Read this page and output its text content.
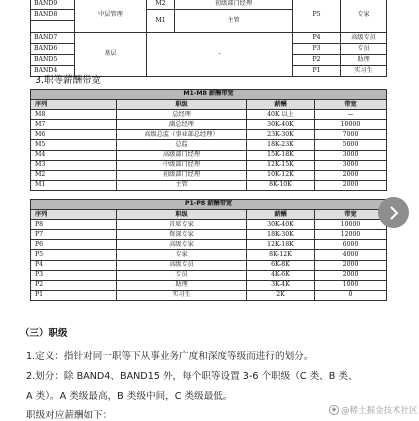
BAND9	中层管理	M2	初级部门经理	P5	专家
BAND8		M1	主管		

BAND7	基层	-		P4	高级专员
BAND6				P3	专员
BAND5				P2	助理
BAND4				P1	实习生
3.职等薪酬带宽
M1-M8 薪酬带宽			
序列	职级	薪酬	带宽
M8	总经理	40K 以上	—
M7	副总经理	30K-40K	10000
M6	高级总监（事业部总经理）	23K-30K	7000
M5	总监	18K-23K	5000
M4	高级部门经理	15K-18K	3000
M3	中级部门经理	12K-15K	3000
M2	初级部门经理	10K-12K	2000
M1	主管	8K-10K	2000
P1-P8 薪酬带宽			
序列	职级	薪酬	带宽
P8	首席专家	30K-40K	10000
P7	资深专家	18K-30K	12000
P6	高级专家	12K-18K	6000
P5	专家	8K-12K	4000
P4	高级专员	6K-8K	2000
P3	专员	4K-6K	2000
P2	助理	3K-4K	1000
P1	实习生	2K	0
（三）职级
1.定义：指针对同一职等下从事业务广度和深度等级而进行的划分。
2.划分：除 BAND4、BAND15 外，每个职等设置 3-6 个职级（C 类、B 类、
A 类）。A 类级最高，B 类级中间，C 类级最低。
职级对应薪酬如下：
◆ @稀土掘金技术社区
